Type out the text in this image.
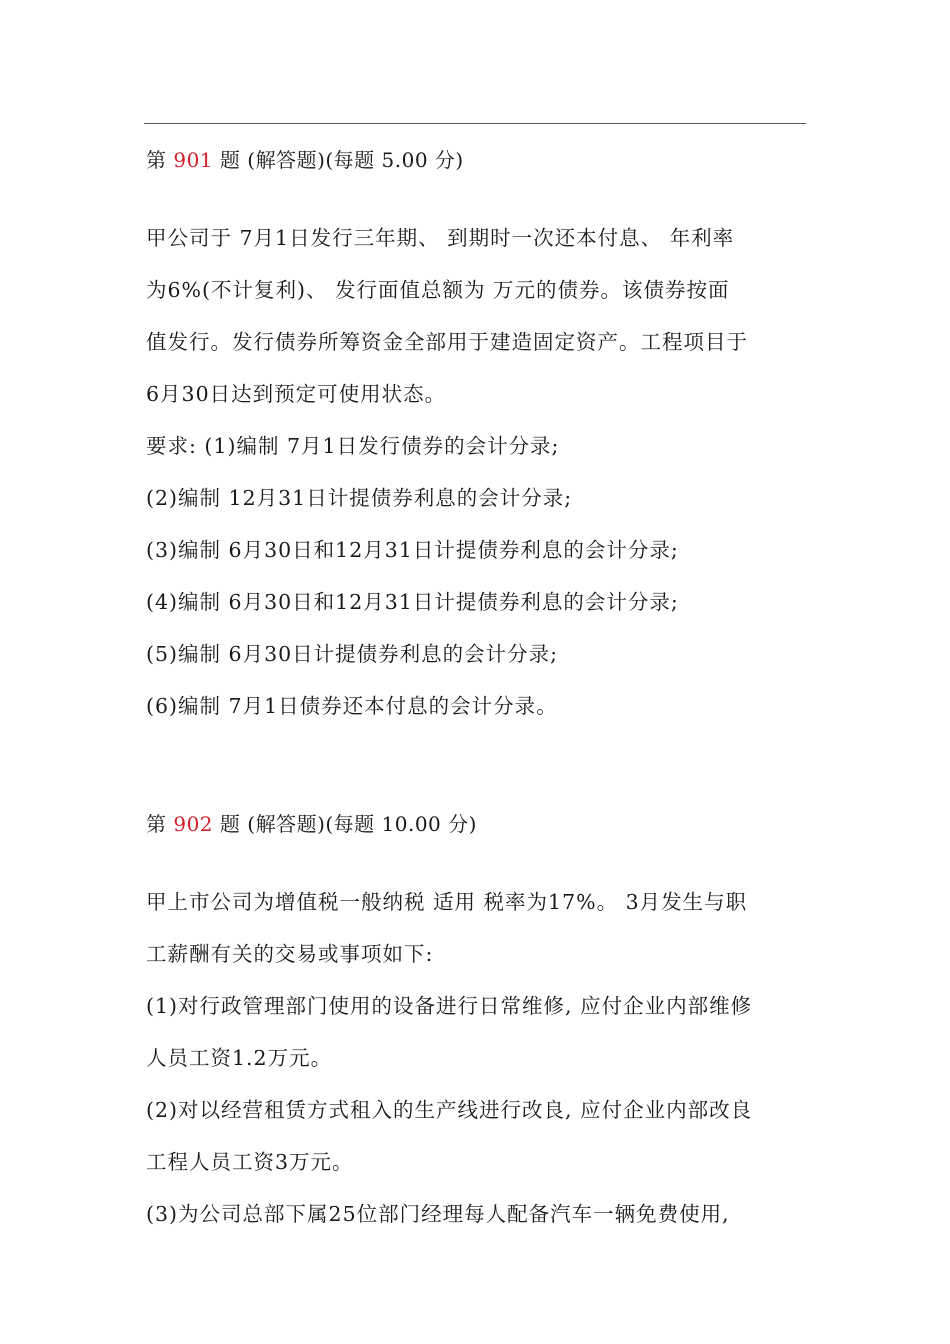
第 901 题 (解答题)(每题 5.00 分)
甲公司于 7月1日发行三年期、 到期时一次还本付息、 年利率
为6%(不计复利)、 发行面值总额为 万元的债券。该债券按面
值发行。发行债券所筹资金全部用于建造固定资产。工程项目于
6月30日达到预定可使用状态。
要求: (1)编制 7月1日发行债券的会计分录;
(2)编制 12月31日计提债券利息的会计分录;
(3)编制 6月30日和12月31日计提债券利息的会计分录;
(4)编制 6月30日和12月31日计提债券利息的会计分录;
(5)编制 6月30日计提债券利息的会计分录;
(6)编制 7月1日债券还本付息的会计分录。
第 902 题 (解答题)(每题 10.00 分)
甲上市公司为增值税一般纳税 适用 税率为17%。 3月发生与职
工薪酬有关的交易或事项如下:
(1)对行政管理部门使用的设备进行日常维修, 应付企业内部维修
人员工资1.2万元。
(2)对以经营租赁方式租入的生产线进行改良, 应付企业内部改良
工程人员工资3万元。
(3)为公司总部下属25位部门经理每人配备汽车一辆免费使用,
